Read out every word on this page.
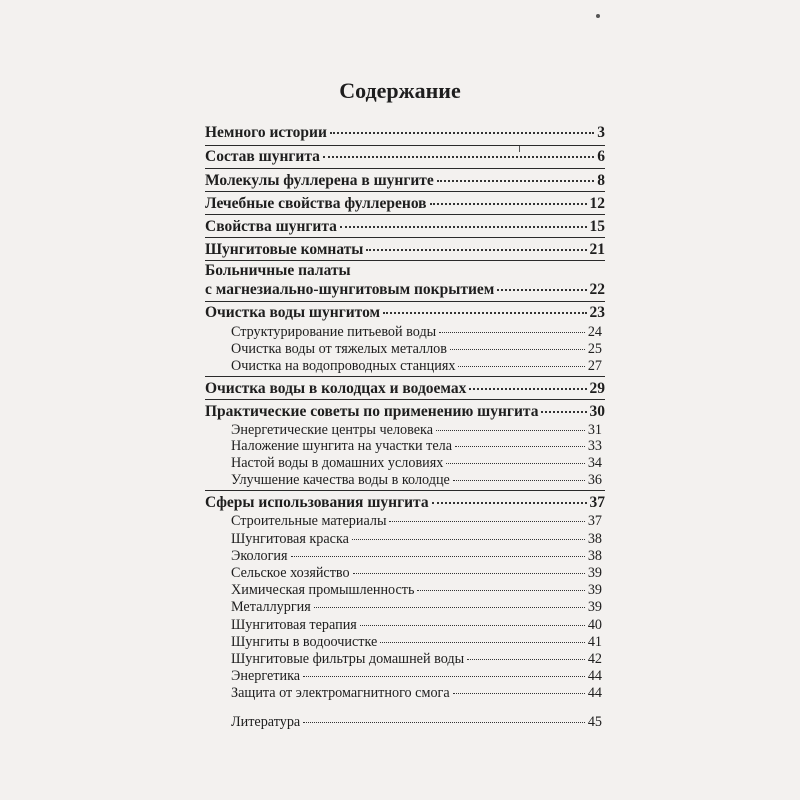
Содержание
Немного истории	3
Состав шунгита	6
Молекулы фуллерена в шунгите	8
Лечебные свойства фуллеренов	12
Свойства шунгита	15
Шунгитовые комнаты	21
Больничные палаты
с магнезиально-шунгитовым покрытием	22
Очистка воды шунгитом	23
Структурирование питьевой воды	24
Очистка воды от тяжелых металлов	25
Очистка на водопроводных станциях	27
Очистка воды в колодцах и водоемах	29
Практические советы по применению шунгита	30
Энергетические центры человека	31
Наложение шунгита на участки тела	33
Настой воды в домашних условиях	34
Улучшение качества воды в колодце	36
Сферы использования шунгита	37
Строительные материалы	37
Шунгитовая краска	38
Экология	38
Сельское хозяйство	39
Химическая промышленность	39
Металлургия	39
Шунгитовая терапия	40
Шунгиты в водоочистке	41
Шунгитовые фильтры домашней воды	42
Энергетика	44
Защита от электромагнитного смога	44
Литература	45
